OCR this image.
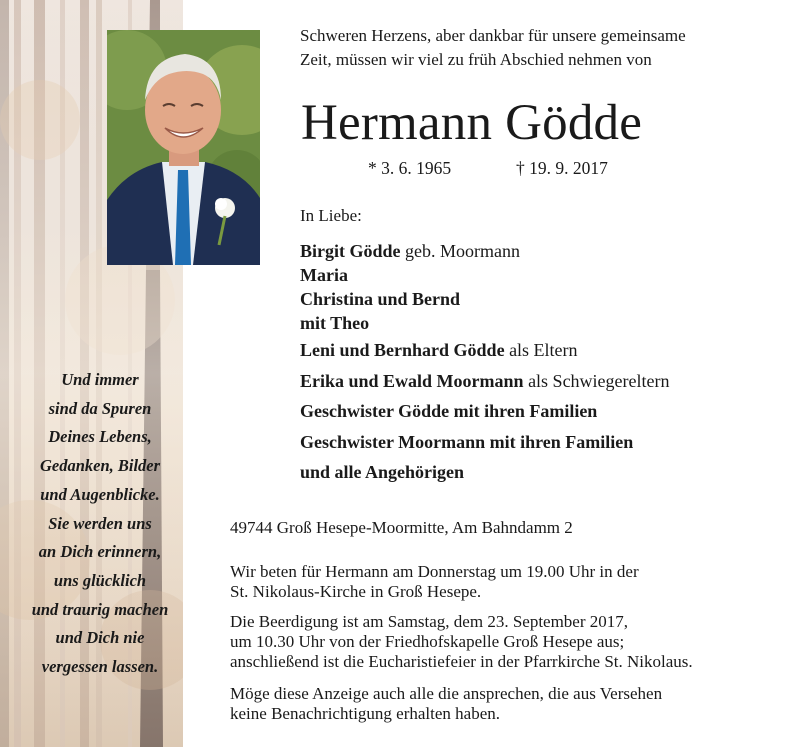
Und immer
sind da Spuren
Deines Lebens,
Gedanken, Bilder
und Augenblicke.
Sie werden uns
an Dich erinnern,
uns glücklich
und traurig machen
und Dich nie
vergessen lassen.
Schweren Herzens, aber dankbar für unsere gemeinsame
Zeit, müssen wir viel zu früh Abschied nehmen von
Hermann Gödde
* 3. 6. 1965	† 19. 9. 2017
In Liebe:
Birgit Gödde geb. Moormann
Maria
Christina und Bernd
mit Theo
Leni und Bernhard Gödde als Eltern
Erika und Ewald Moormann als Schwiegereltern
Geschwister Gödde mit ihren Familien
Geschwister Moormann mit ihren Familien
und alle Angehörigen
49744 Groß Hesepe-Moormitte, Am Bahndamm 2
Wir beten für Hermann am Donnerstag um 19.00 Uhr in der
St. Nikolaus-Kirche in Groß Hesepe.
Die Beerdigung ist am Samstag, dem 23. September 2017,
um 10.30 Uhr von der Friedhofskapelle Groß Hesepe aus;
anschließend ist die Eucharistiefeier in der Pfarrkirche St. Nikolaus.
Möge diese Anzeige auch alle die ansprechen, die aus Versehen
keine Benachrichtigung erhalten haben.
